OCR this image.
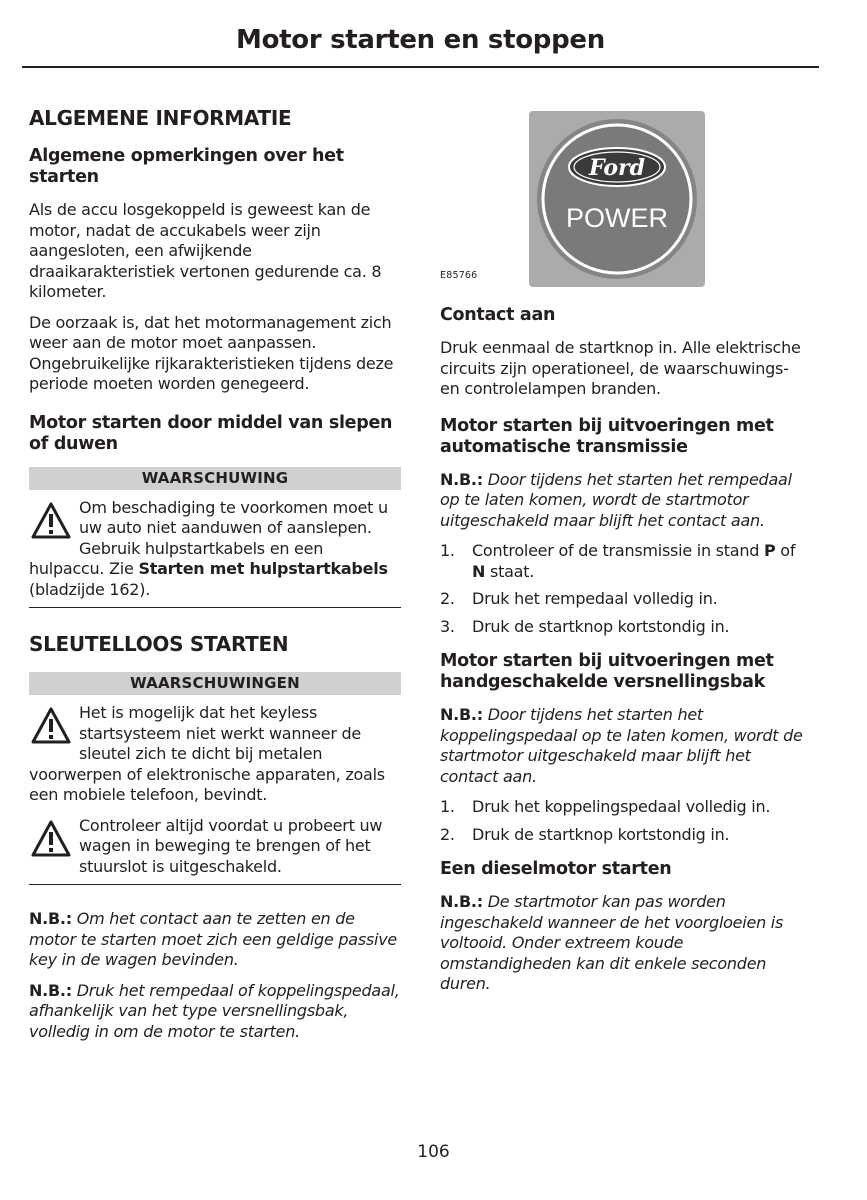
Motor starten en stoppen
ALGEMENE INFORMATIE
Algemene opmerkingen over het starten

Als de accu losgekoppeld is geweest kan de motor, nadat de accukabels weer zijn aangesloten, een afwijkende draaikarakteristiek vertonen gedurende ca. 8 kilometer.

De oorzaak is, dat het motormanagement zich weer aan de motor moet aanpassen. Ongebruikelijke rijkarakteristieken tijdens deze periode moeten worden genegeerd.

Motor starten door middel van slepen of duwen
WAARSCHUWING
Om beschadiging te voorkomen moet u uw auto niet aanduwen of aanslepen. Gebruik hulpstartkabels en een hulpaccu. Zie Starten met hulpstartkabels (bladzijde 162).
SLEUTELLOOS STARTEN
WAARSCHUWINGEN
Het is mogelijk dat het keyless startsysteem niet werkt wanneer de sleutel zich te dicht bij metalen voorwerpen of elektronische apparaten, zoals een mobiele telefoon, bevindt.
Controleer altijd voordat u probeert uw wagen in beweging te brengen of het stuurslot is uitgeschakeld.

N.B.: Om het contact aan te zetten en de motor te starten moet zich een geldige passive key in de wagen bevinden.

N.B.: Druk het rempedaal of koppelingspedaal, afhankelijk van het type versnellingsbak, volledig in om de motor te starten.

Ford
POWER
E85766
Contact aan

Druk eenmaal de startknop in. Alle elektrische circuits zijn operationeel, de waarschuwings- en controlelampen branden.

Motor starten bij uitvoeringen met automatische transmissie

N.B.: Door tijdens het starten het rempedaal op te laten komen, wordt de startmotor uitgeschakeld maar blijft het contact aan.

1. Controleer of de transmissie in stand P of N staat.
2. Druk het rempedaal volledig in.
3. Druk de startknop kortstondig in.
Motor starten bij uitvoeringen met handgeschakelde versnellingsbak

N.B.: Door tijdens het starten het koppelingspedaal op te laten komen, wordt de startmotor uitgeschakeld maar blijft het contact aan.

1. Druk het koppelingspedaal volledig in.
2. Druk de startknop kortstondig in.
Een dieselmotor starten

N.B.: De startmotor kan pas worden ingeschakeld wanneer de het voorgloeien is voltooid. Onder extreem koude omstandigheden kan dit enkele seconden duren.

106
